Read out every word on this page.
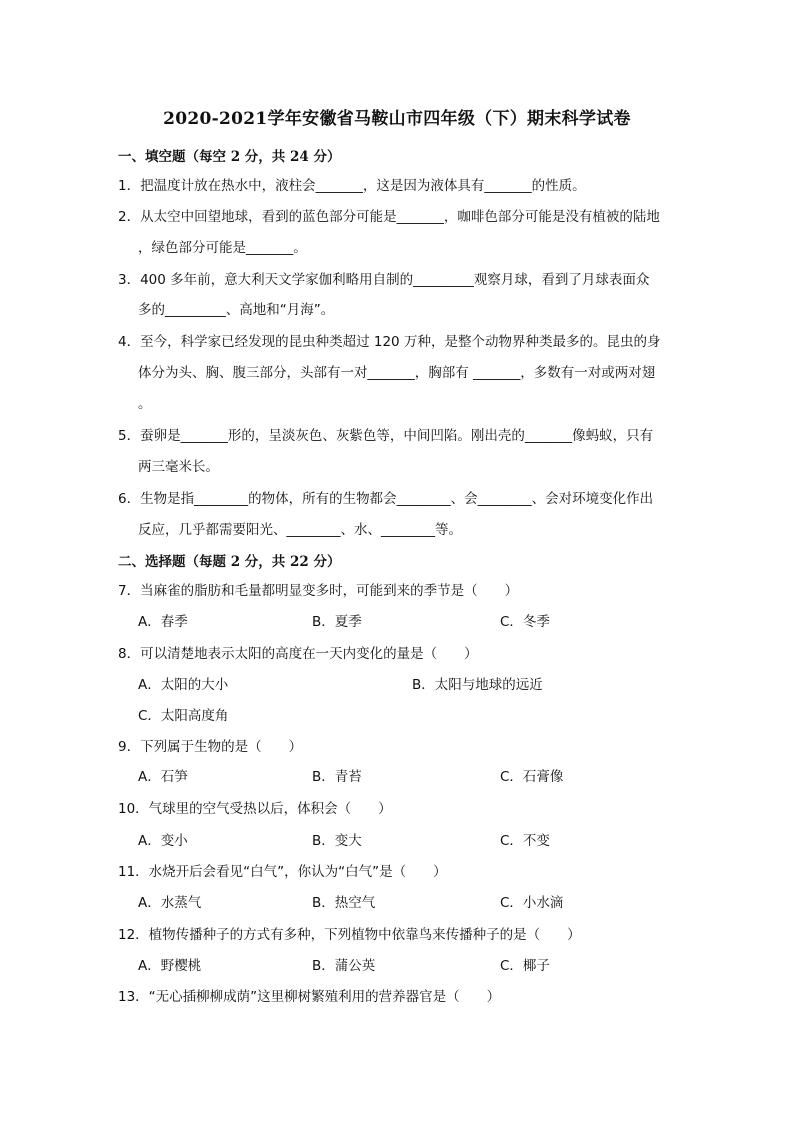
2020-2021学年安徽省马鞍山市四年级（下）期末科学试卷
一、填空题（每空 2 分，共 24 分）
1．把温度计放在热水中，液柱会_______，这是因为液体具有_______的性质。
2．从太空中回望地球，看到的蓝色部分可能是_______，咖啡色部分可能是没有植被的陆地
，绿色部分可能是_______。
3．400 多年前，意大利天文学家伽利略用自制的_________观察月球，看到了月球表面众
多的_________、高地和“月海”。
4．至今，科学家已经发现的昆虫种类超过 120 万种，是整个动物界种类最多的。昆虫的身
体分为头、胸、腹三部分，头部有一对_______，胸部有 _______，多数有一对或两对翅
。
5．蚕卵是_______形的，呈淡灰色、灰紫色等，中间凹陷。刚出壳的_______像蚂蚁，只有
两三毫米长。
6．生物是指________的物体，所有的生物都会________、会________、会对环境变化作出
反应，几乎都需要阳光、________、水、________等。
二、选择题（每题 2 分，共 22 分）
7．当麻雀的脂肪和毛量都明显变多时，可能到来的季节是（　　）
A．春季	B．夏季	C．冬季
8．可以清楚地表示太阳的高度在一天内变化的量是（　　）
A．太阳的大小	B．太阳与地球的远近
C．太阳高度角
9．下列属于生物的是（　　）
A．石笋	B．青苔	C．石膏像
10．气球里的空气受热以后，体积会（　　）
A．变小	B．变大	C．不变
11．水烧开后会看见“白气”，你认为“白气”是（　　）
A．水蒸气	B．热空气	C．小水滴
12．植物传播种子的方式有多种，下列植物中依靠鸟来传播种子的是（　　）
A．野樱桃	B．蒲公英	C．椰子
13．“无心插柳柳成荫”这里柳树繁殖利用的营养器官是（　　）
